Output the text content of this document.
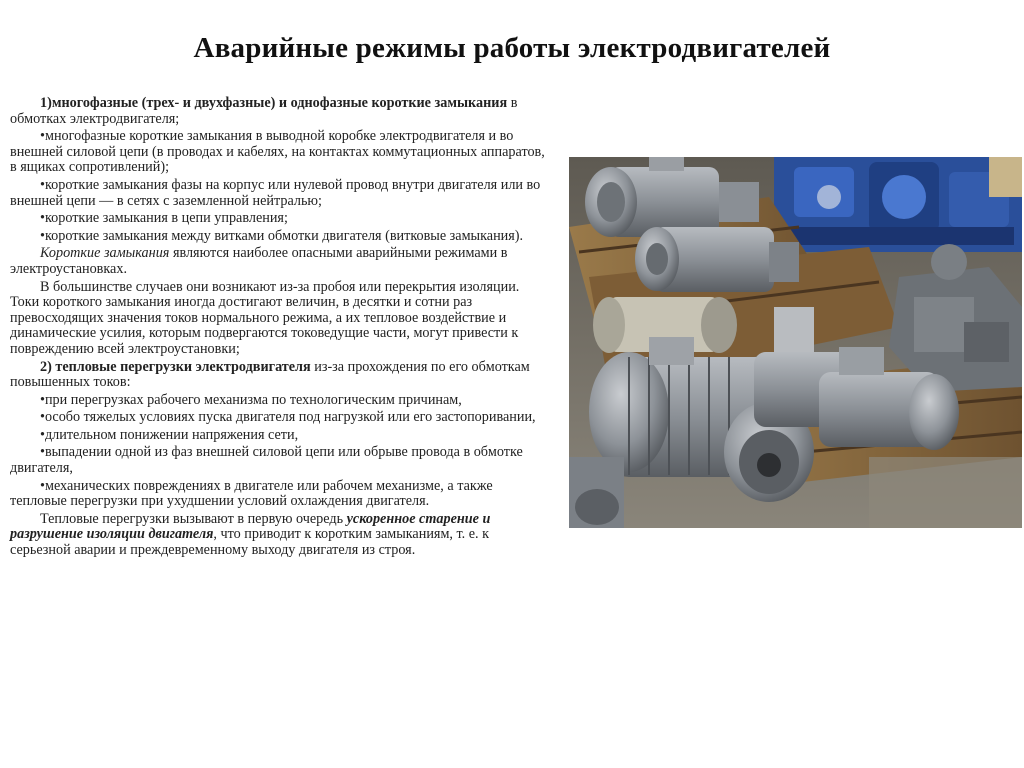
Аварийные режимы работы электродвигателей

1)многофазные (трех- и двухфазные) и однофазные короткие замыкания в обмотках электродвигателя;

•многофазные короткие замыкания в выводной коробке электродвигателя и во внешней силовой цепи (в проводах и кабелях, на контактах коммутационных аппаратов, в ящиках сопротивлений);

•короткие замыкания фазы на корпус или нулевой провод внутри двигателя или во внешней цепи — в сетях с заземленной нейтралью;

•короткие замыкания в цепи управления;

•короткие замыкания между витками обмотки двигателя (витковые замыкания).

Короткие замыкания являются наиболее опасными аварийными режимами в электроустановках.

В большинстве случаев они возникают из-за пробоя или перекрытия изоляции. Токи короткого замыкания иногда достигают величин, в десятки и сотни раз превосходящих значения токов нормального режима, а их тепловое воздействие и динамические усилия, которым подвергаются токоведущие части, могут привести к повреждению всей электроустановки;

2) тепловые перегрузки электродвигателя из-за прохождения по его обмоткам повышенных токов:

•при перегрузках рабочего механизма по технологическим причинам,

•особо тяжелых условиях пуска двигателя под нагрузкой или его застопоривании,

•длительном понижении напряжения сети,

•выпадении одной из фаз внешней силовой цепи или обрыве провода в обмотке двигателя,

•механических повреждениях в двигателе или рабочем механизме, а также тепловые перегрузки при ухудшении условий охлаждения двигателя.

Тепловые перегрузки вызывают в первую очередь ускоренное старение и разрушение изоляции двигателя, что приводит к коротким замыканиям, т. е. к серьезной аварии и преждевременному выходу двигателя из строя.
